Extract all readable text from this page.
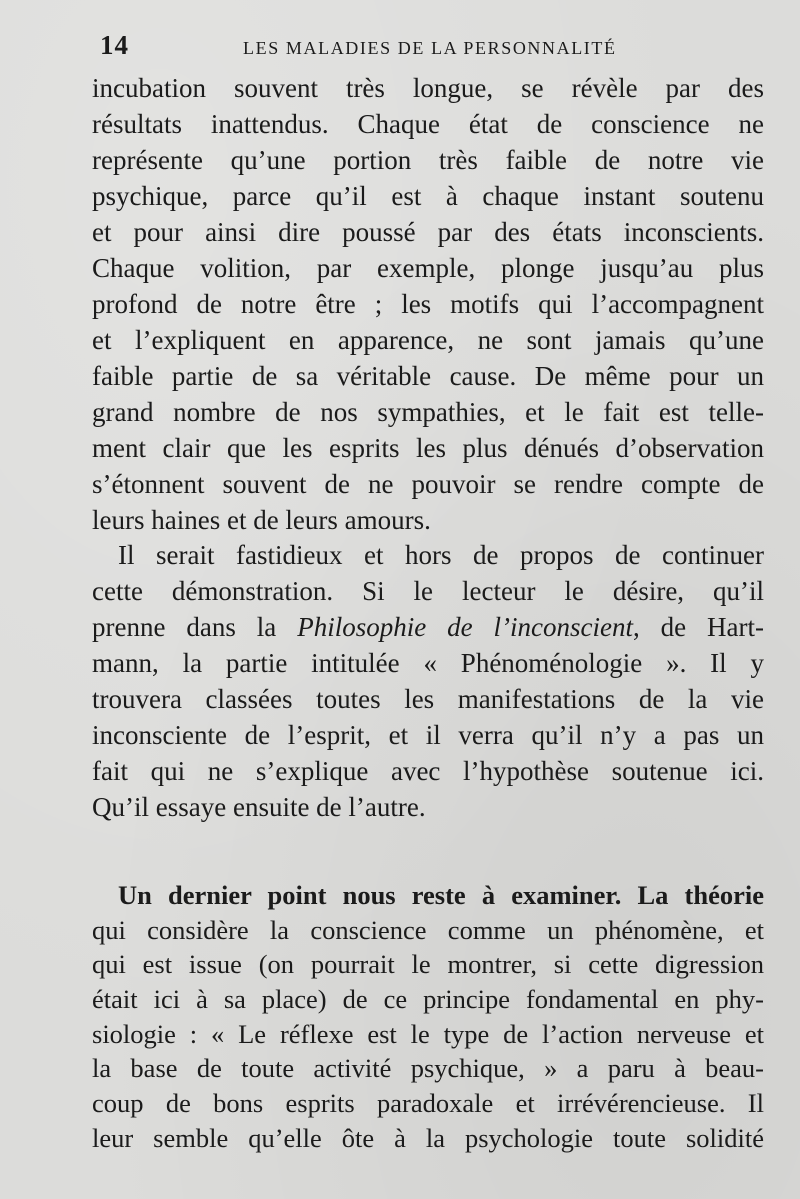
14	LES MALADIES DE LA PERSONNALITÉ
incubation souvent très longue, se révèle par des
résultats inattendus. Chaque état de conscience ne
représente qu’une portion très faible de notre vie
psychique, parce qu’il est à chaque instant soutenu
et pour ainsi dire poussé par des états inconscients.
Chaque volition, par exemple, plonge jusqu’au plus
profond de notre être ; les motifs qui l’accompagnent
et l’expliquent en apparence, ne sont jamais qu’une
faible partie de sa véritable cause. De même pour un
grand nombre de nos sympathies, et le fait est telle-
ment clair que les esprits les plus dénués d’observation
s’étonnent souvent de ne pouvoir se rendre compte de
leurs haines et de leurs amours.
Il serait fastidieux et hors de propos de continuer
cette démonstration. Si le lecteur le désire, qu’il
prenne dans la Philosophie de l’inconscient, de Hart-
mann, la partie intitulée « Phénoménologie ». Il y
trouvera classées toutes les manifestations de la vie
inconsciente de l’esprit, et il verra qu’il n’y a pas un
fait qui ne s’explique avec l’hypothèse soutenue ici.
Qu’il essaye ensuite de l’autre.
Un dernier point nous reste à examiner. La théorie
qui considère la conscience comme un phénomène, et
qui est issue (on pourrait le montrer, si cette digression
était ici à sa place) de ce principe fondamental en phy-
siologie : « Le réflexe est le type de l’action nerveuse et
la base de toute activité psychique, » a paru à beau-
coup de bons esprits paradoxale et irrévérencieuse. Il
leur semble qu’elle ôte à la psychologie toute solidité
